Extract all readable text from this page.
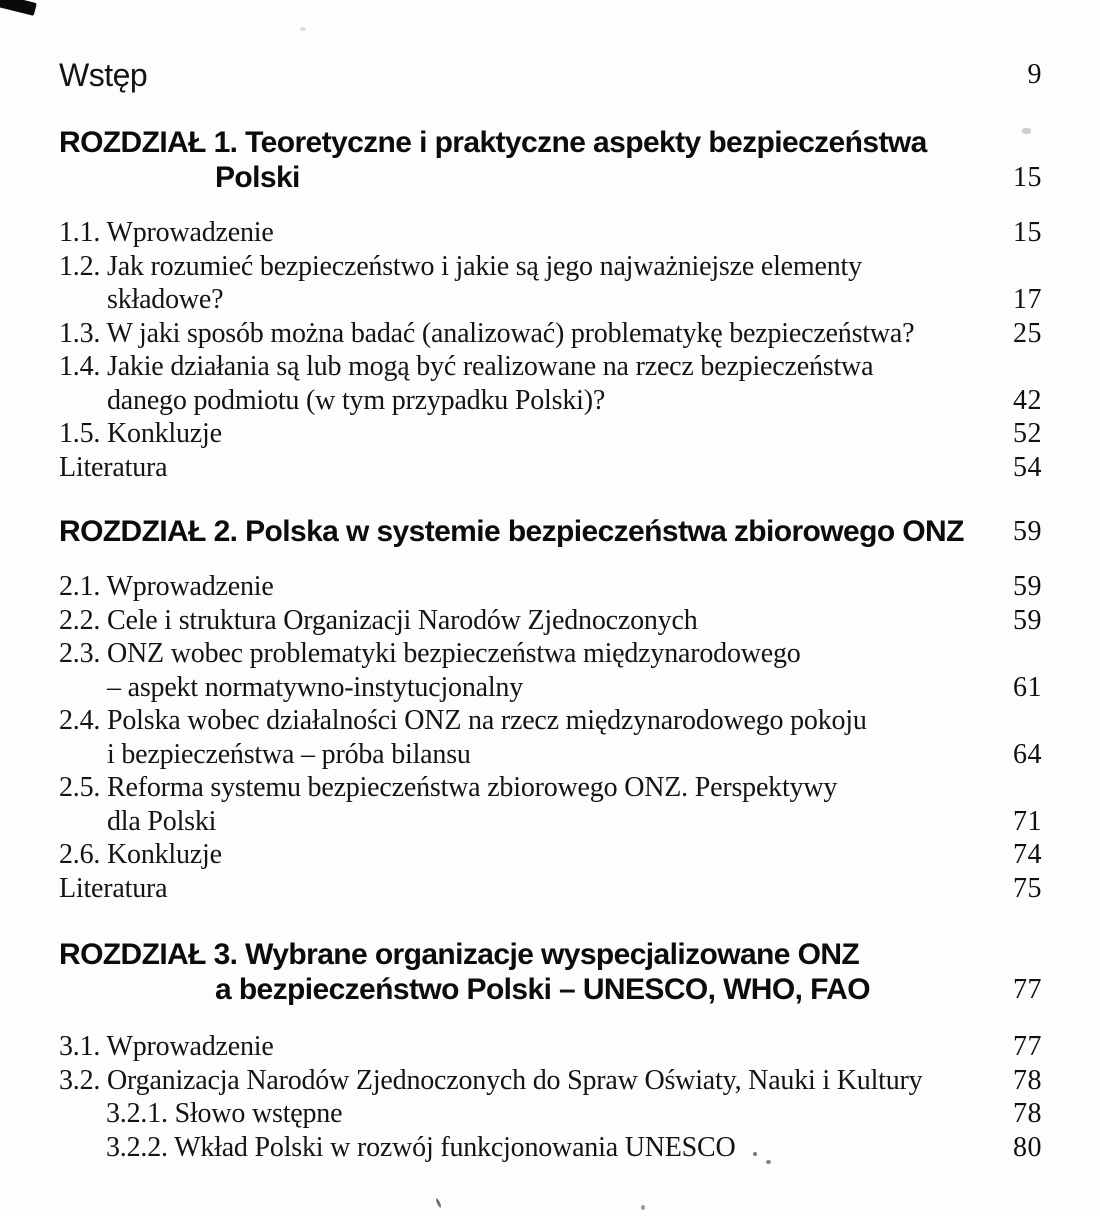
Wstęp	9
ROZDZIAŁ 1. Teoretyczne i praktyczne aspekty bezpieczeństwa
Polski	15
1.1. Wprowadzenie	15
1.2. Jak rozumieć bezpieczeństwo i jakie są jego najważniejsze elementy
składowe?	17
1.3. W jaki sposób można badać (analizować) problematykę bezpieczeństwa?	25
1.4. Jakie działania są lub mogą być realizowane na rzecz bezpieczeństwa
danego podmiotu (w tym przypadku Polski)?	42
1.5. Konkluzje	52
Literatura	54
ROZDZIAŁ 2. Polska w systemie bezpieczeństwa zbiorowego ONZ	59
2.1. Wprowadzenie	59
2.2. Cele i struktura Organizacji Narodów Zjednoczonych	59
2.3. ONZ wobec problematyki bezpieczeństwa międzynarodowego
– aspekt normatywno-instytucjonalny	61
2.4. Polska wobec działalności ONZ na rzecz międzynarodowego pokoju
i bezpieczeństwa – próba bilansu	64
2.5. Reforma systemu bezpieczeństwa zbiorowego ONZ. Perspektywy
dla Polski	71
2.6. Konkluzje	74
Literatura	75
ROZDZIAŁ 3. Wybrane organizacje wyspecjalizowane ONZ
a bezpieczeństwo Polski – UNESCO, WHO, FAO	77
3.1. Wprowadzenie	77
3.2. Organizacja Narodów Zjednoczonych do Spraw Oświaty, Nauki i Kultury	78
3.2.1. Słowo wstępne	78
3.2.2. Wkład Polski w rozwój funkcjonowania UNESCO	80
